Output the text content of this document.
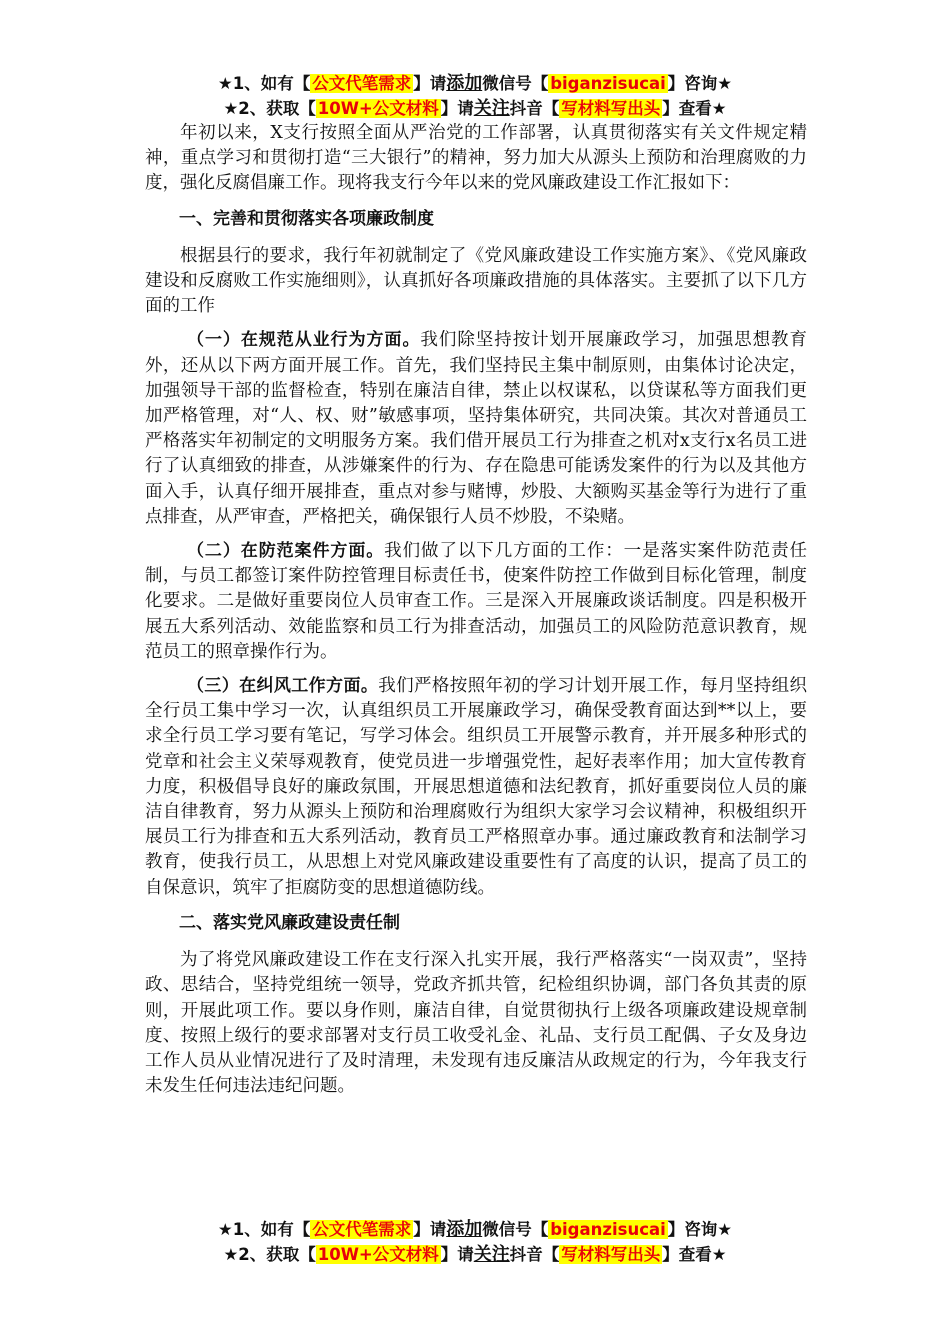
★1、如有【 公文代笔需求 】请添加微信号【 biganzisucai 】咨询★
★2、获取【 10W+公文材料 】请关注抖音【 写材料写出头 】查看★

年初以来，X支行按照全面从严治党的工作部署，认真贯彻落实有关文件规定精神，重点学习和贯彻打造“三大银行”的精神，努力加大从源头上预防和治理腐败的力度，强化反腐倡廉工作。现将我支行今年以来的党风廉政建设工作汇报如下：

一、完善和贯彻落实各项廉政制度

根据县行的要求，我行年初就制定了《党风廉政建设工作实施方案》、《党风廉政建设和反腐败工作实施细则》，认真抓好各项廉政措施的具体落实。主要抓了以下几方面的工作

（一）在规范从业行为方面。我们除坚持按计划开展廉政学习，加强思想教育外，还从以下两方面开展工作。首先，我们坚持民主集中制原则，由集体讨论决定，加强领导干部的监督检查，特别在廉洁自律，禁止以权谋私，以贷谋私等方面我们更加严格管理，对“人、权、财”敏感事项，坚持集体研究，共同决策。其次对普通员工严格落实年初制定的文明服务方案。我们借开展员工行为排查之机对x支行x名员工进行了认真细致的排查，从涉嫌案件的行为、存在隐患可能诱发案件的行为以及其他方面入手，认真仔细开展排查，重点对参与赌博，炒股、大额购买基金等行为进行了重点排查，从严审查，严格把关，确保银行人员不炒股，不染赌。

（二）在防范案件方面。我们做了以下几方面的工作：一是落实案件防范责任制，与员工都签订案件防控管理目标责任书，使案件防控工作做到目标化管理，制度化要求。二是做好重要岗位人员审查工作。三是深入开展廉政谈话制度。四是积极开展五大系列活动、效能监察和员工行为排查活动，加强员工的风险防范意识教育，规范员工的照章操作行为。

（三）在纠风工作方面。我们严格按照年初的学习计划开展工作，每月坚持组织全行员工集中学习一次，认真组织员工开展廉政学习，确保受教育面达到**以上，要求全行员工学习要有笔记，写学习体会。组织员工开展警示教育，并开展多种形式的党章和社会主义荣辱观教育，使党员进一步增强党性，起好表率作用；加大宣传教育力度，积极倡导良好的廉政氛围，开展思想道德和法纪教育，抓好重要岗位人员的廉洁自律教育，努力从源头上预防和治理腐败行为组织大家学习会议精神，积极组织开展员工行为排查和五大系列活动，教育员工严格照章办事。通过廉政教育和法制学习教育，使我行员工，从思想上对党风廉政建设重要性有了高度的认识，提高了员工的自保意识，筑牢了拒腐防变的思想道德防线。

二、落实党风廉政建设责任制

为了将党风廉政建设工作在支行深入扎实开展，我行严格落实“一岗双责”，坚持政、思结合，坚持党组统一领导，党政齐抓共管，纪检组织协调，部门各负其责的原则，开展此项工作。要以身作则，廉洁自律，自觉贯彻执行上级各项廉政建设规章制度、按照上级行的要求部署对支行员工收受礼金、礼品、支行员工配偶、子女及身边工作人员从业情况进行了及时清理，未发现有违反廉洁从政规定的行为，今年我支行未发生任何违法违纪问题。

★1、如有【 公文代笔需求 】请添加微信号【 biganzisucai 】咨询★
★2、获取【 10W+公文材料 】请关注抖音【 写材料写出头 】查看★
